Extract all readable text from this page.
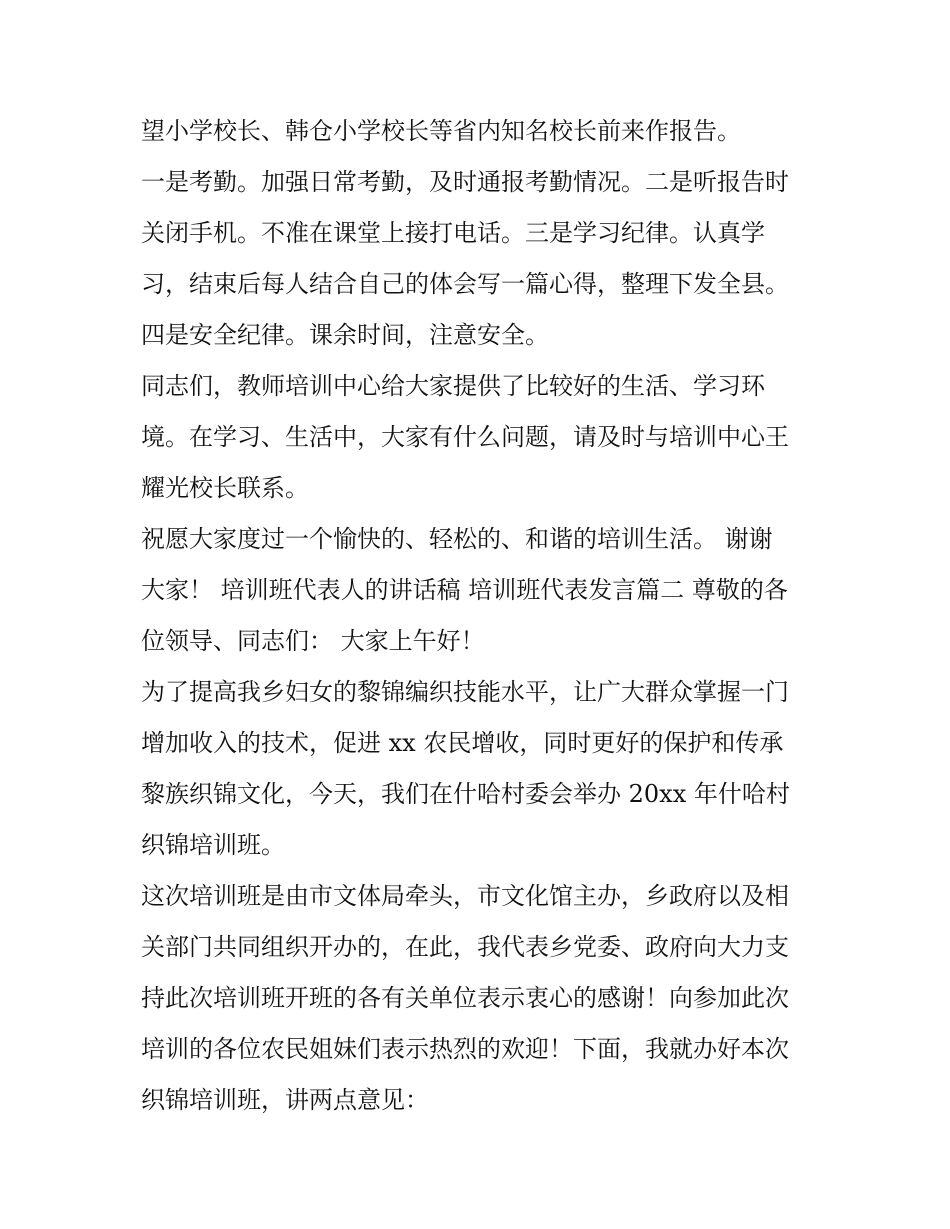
望小学校长、韩仓小学校长等省内知名校长前来作报告。
一是考勤。加强日常考勤，及时通报考勤情况。二是听报告时
关闭手机。不准在课堂上接打电话。三是学习纪律。认真学
习，结束后每人结合自己的体会写一篇心得，整理下发全县。
四是安全纪律。课余时间，注意安全。
同志们，教师培训中心给大家提供了比较好的生活、学习环
境。在学习、生活中，大家有什么问题，请及时与培训中心王
耀光校长联系。
祝愿大家度过一个愉快的、轻松的、和谐的培训生活。 谢谢
大家！ 培训班代表人的讲话稿 培训班代表发言篇二 尊敬的各
位领导、同志们： 大家上午好！
为了提高我乡妇女的黎锦编织技能水平，让广大群众掌握一门
增加收入的技术，促进 xx 农民增收，同时更好的保护和传承
黎族织锦文化，今天，我们在什哈村委会举办 20xx 年什哈村
织锦培训班。
这次培训班是由市文体局牵头，市文化馆主办，乡政府以及相
关部门共同组织开办的，在此，我代表乡党委、政府向大力支
持此次培训班开班的各有关单位表示衷心的感谢！向参加此次
培训的各位农民姐妹们表示热烈的欢迎！下面，我就办好本次
织锦培训班，讲两点意见：
